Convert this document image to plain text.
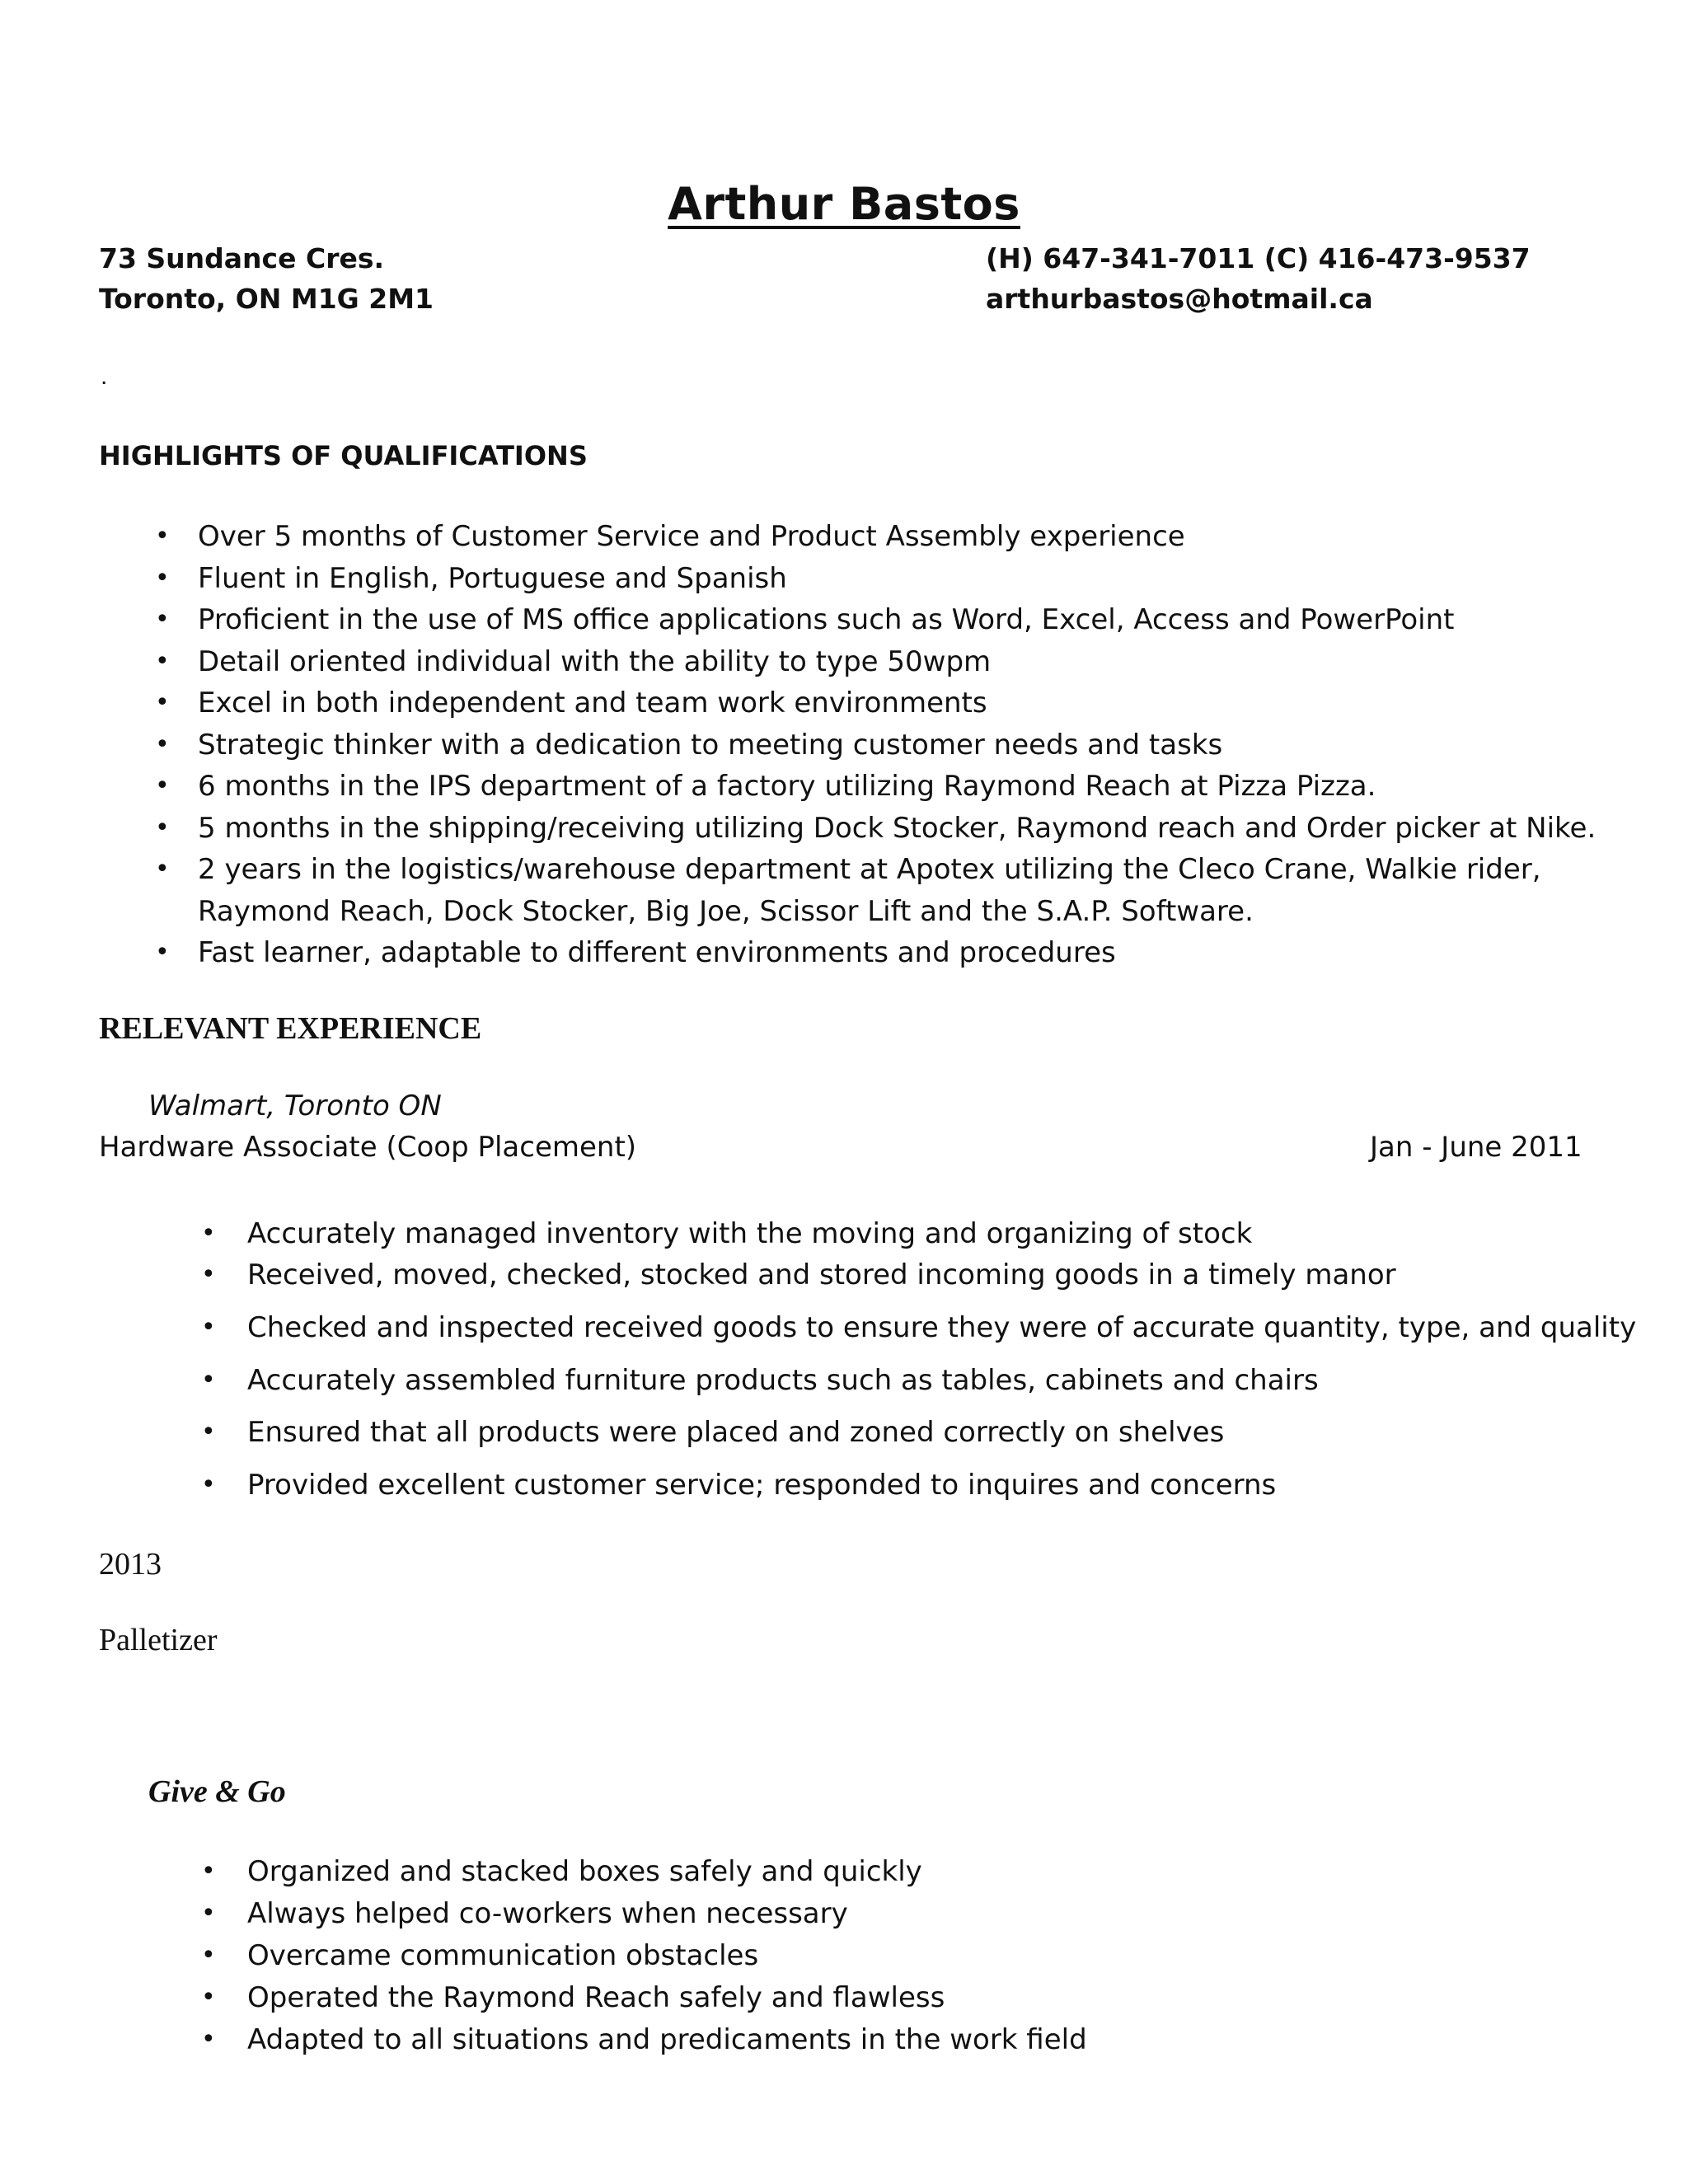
Arthur Bastos
73 Sundance Cres.
Toronto, ON M1G 2M1
(H) 647-341-7011 (C) 416-473-9537
arthurbastos@hotmail.ca
.
HIGHLIGHTS OF QUALIFICATIONS
• Over 5 months of Customer Service and Product Assembly experience
• Fluent in English, Portuguese and Spanish
• Proficient in the use of MS office applications such as Word, Excel, Access and PowerPoint
• Detail oriented individual with the ability to type 50wpm
• Excel in both independent and team work environments
• Strategic thinker with a dedication to meeting customer needs and tasks
• 6 months in the IPS department of a factory utilizing Raymond Reach at Pizza Pizza.
• 5 months in the shipping/receiving utilizing Dock Stocker, Raymond reach and Order picker at Nike.
• 2 years in the logistics/warehouse department at Apotex utilizing the Cleco Crane, Walkie rider,
Raymond Reach, Dock Stocker, Big Joe, Scissor Lift and the S.A.P. Software.
• Fast learner, adaptable to different environments and procedures
RELEVANT EXPERIENCE
Walmart, Toronto ON
Hardware Associate (Coop Placement)	Jan - June 2011
• Accurately managed inventory with the moving and organizing of stock
• Received, moved, checked, stocked and stored incoming goods in a timely manor
• Checked and inspected received goods to ensure they were of accurate quantity, type, and quality
• Accurately assembled furniture products such as tables, cabinets and chairs
• Ensured that all products were placed and zoned correctly on shelves
• Provided excellent customer service; responded to inquires and concerns
2013
Palletizer
Give & Go
• Organized and stacked boxes safely and quickly
• Always helped co-workers when necessary
• Overcame communication obstacles
• Operated the Raymond Reach safely and flawless
• Adapted to all situations and predicaments in the work field
